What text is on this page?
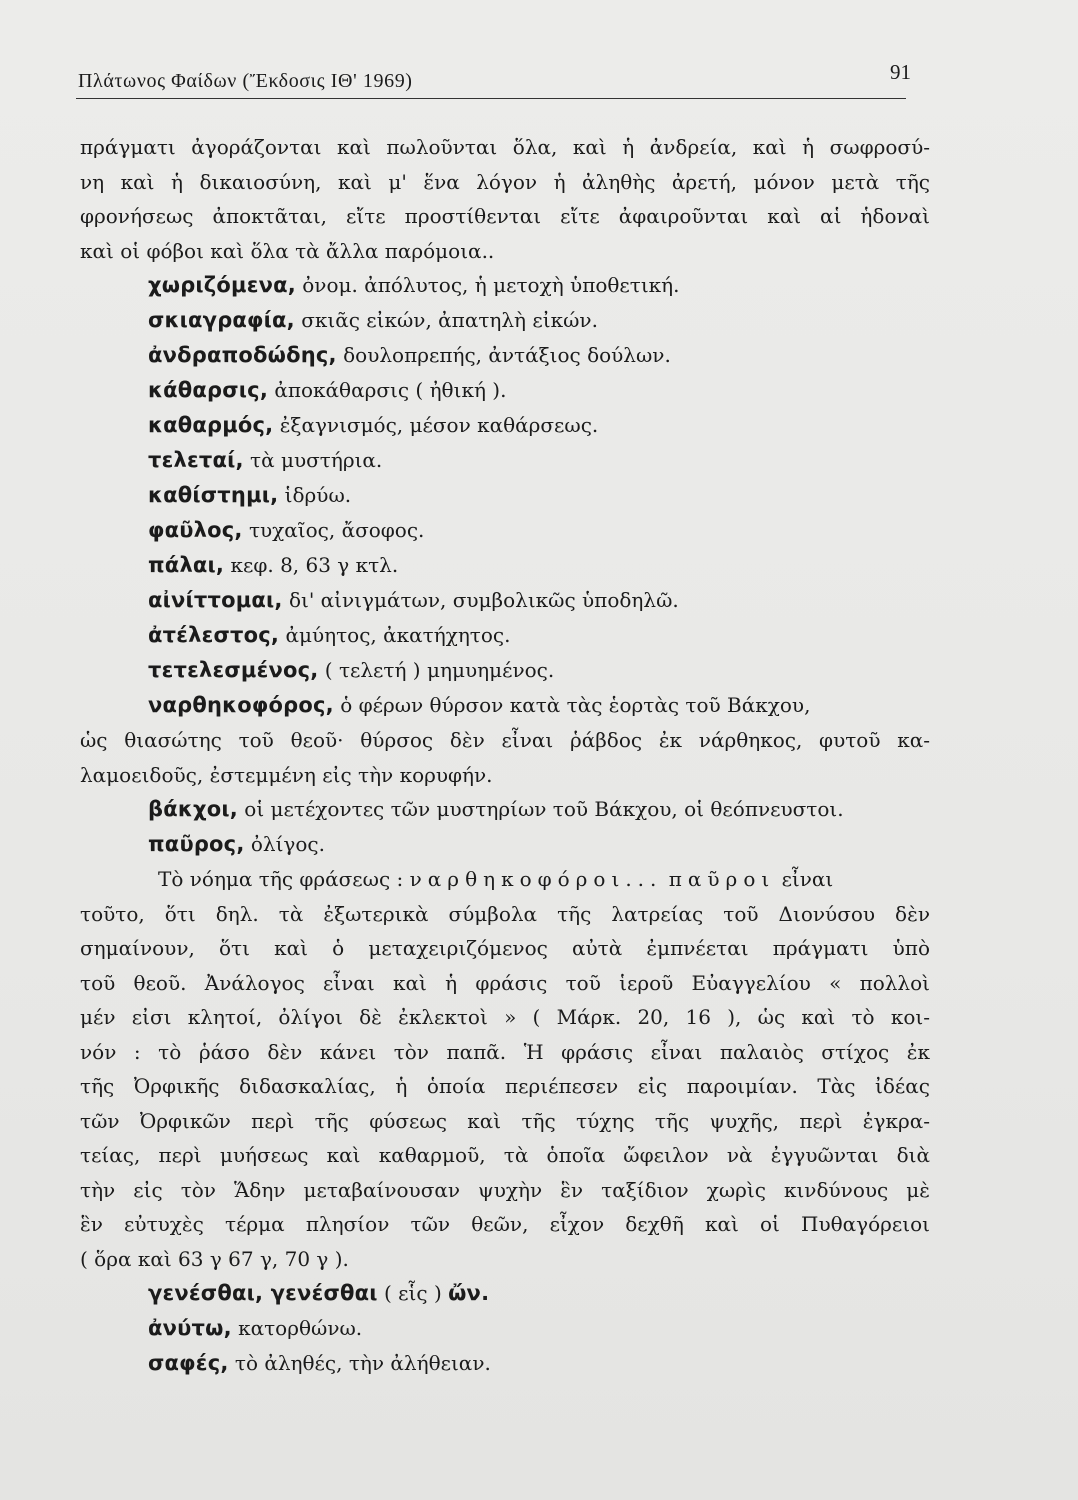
Πλάτωνος Φαίδων (Ἔκδοσις ΙΘ' 1969)	91
πράγματι ἀγοράζονται καὶ πωλοῦνται ὅλα, καὶ ἡ ἀνδρεία, καὶ ἡ σωφροσύ-
νη καὶ ἡ δικαιοσύνη, καὶ μ' ἕνα λόγον ἡ ἀληθὴς ἀρετή, μόνον μετὰ τῆς
φρονήσεως ἀποκτᾶται, εἴτε προστίθενται εἴτε ἀφαιροῦνται καὶ αἱ ἡδοναὶ
καὶ οἱ φόβοι καὶ ὅλα τὰ ἄλλα παρόμοια..
χωριζόμενα, ὀνομ. ἀπόλυτος, ἡ μετοχὴ ὑποθετική.
σκιαγραφία, σκιᾶς εἰκών, ἀπατηλὴ εἰκών.
ἀνδραποδώδης, δουλοπρεπής, ἀντάξιος δούλων.
κάθαρσις, ἀποκάθαρσις ( ἠθική ).
καθαρμός, ἐξαγνισμός, μέσον καθάρσεως.
τελεταί, τὰ μυστήρια.
καθίστημι, ἱδρύω.
φαῦλος, τυχαῖος, ἄσοφος.
πάλαι, κεφ. 8, 63 γ κτλ.
αἰνίττομαι, δι' αἰνιγμάτων, συμβολικῶς ὑποδηλῶ.
ἀτέλεστος, ἀμύητος, ἀκατήχητος.
τετελεσμένος, ( τελετή ) μημυημένος.
ναρθηκοφόρος, ὁ φέρων θύρσον κατὰ τὰς ἑορτὰς τοῦ Βάκχου,
ὡς θιασώτης τοῦ θεοῦ· θύρσος δὲν εἶναι ῥάβδος ἐκ νάρθηκος, φυτοῦ κα-
λαμοειδοῦς, ἐστεμμένη εἰς τὴν κορυφήν.
βάκχοι, οἱ μετέχοντες τῶν μυστηρίων τοῦ Βάκχου, οἱ θεόπνευστοι.
παῦρος, ὀλίγος.
Τὸ νόημα τῆς φράσεως : ναρθηκοφόροι... παῦροι εἶναι
τοῦτο, ὅτι δηλ. τὰ ἐξωτερικὰ σύμβολα τῆς λατρείας τοῦ Διονύσου δὲν
σημαίνουν, ὅτι καὶ ὁ μεταχειριζόμενος αὐτὰ ἐμπνέεται πράγματι ὑπὸ
τοῦ θεοῦ. Ἀνάλογος εἶναι καὶ ἡ φράσις τοῦ ἱεροῦ Εὐαγγελίου « πολλοὶ
μέν εἰσι κλητοί, ὀλίγοι δὲ ἐκλεκτοὶ » ( Μάρκ. 20, 16 ), ὡς καὶ τὸ κοι-
νόν : τὸ ῥάσο δὲν κάνει τὸν παπᾶ. Ἡ φράσις εἶναι παλαιὸς στίχος ἐκ
τῆς Ὀρφικῆς διδασκαλίας, ἡ ὁποία περιέπεσεν εἰς παροιμίαν. Τὰς ἰδέας
τῶν Ὀρφικῶν περὶ τῆς φύσεως καὶ τῆς τύχης τῆς ψυχῆς, περὶ ἐγκρα-
τείας, περὶ μυήσεως καὶ καθαρμοῦ, τὰ ὁποῖα ὤφειλον νὰ ἐγγυῶνται διὰ
τὴν εἰς τὸν Ἅδην μεταβαίνουσαν ψυχὴν ἓν ταξίδιον χωρὶς κινδύνους μὲ
ἓν εὐτυχὲς τέρμα πλησίον τῶν θεῶν, εἶχον δεχθῆ καὶ οἱ Πυθαγόρειοι
( ὅρα καὶ 63 γ 67 γ, 70 γ ).
γενέσθαι, γενέσθαι ( εἷς ) ὤν.
ἀνύτω, κατορθώνω.
σαφές, τὸ ἀληθές, τὴν ἀλήθειαν.
